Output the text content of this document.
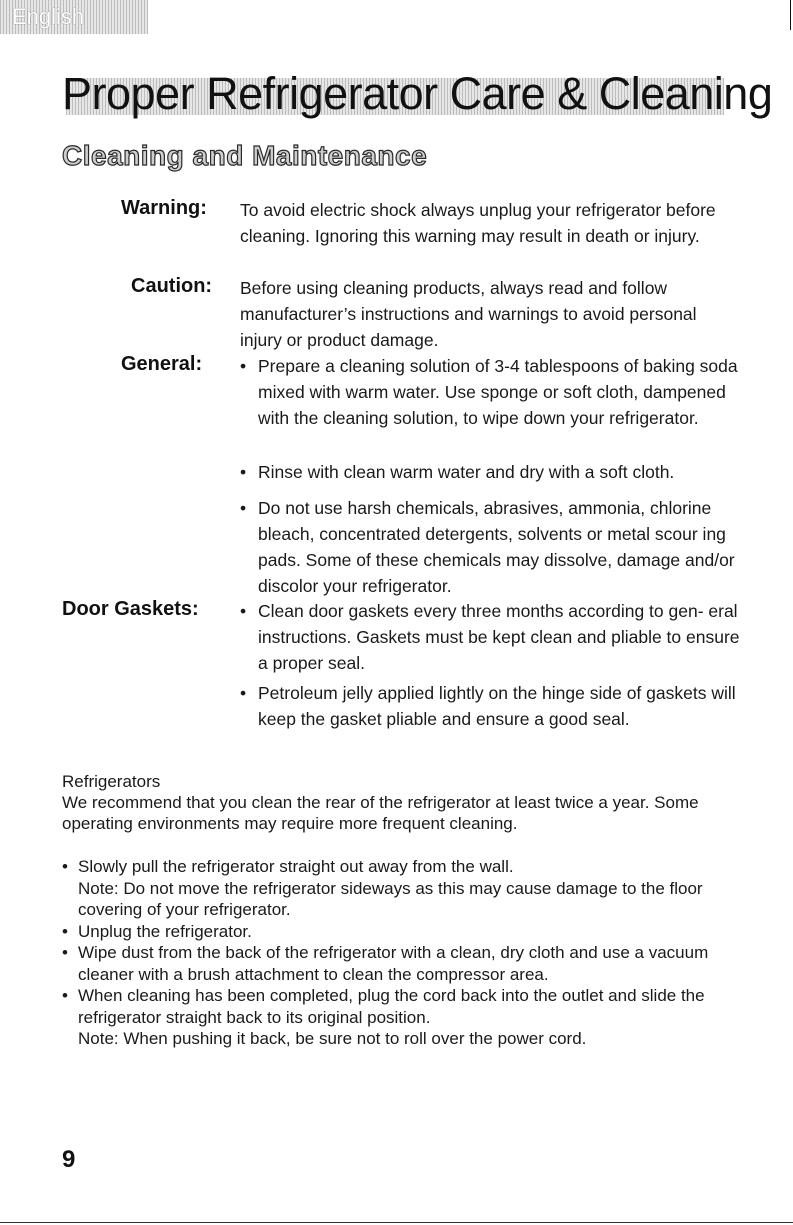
English
Proper Refrigerator Care & Cleaning
Cleaning and Maintenance
Warning: To avoid electric shock always unplug your refrigerator before cleaning. Ignoring this warning may result in death or injury.

Caution: Before using cleaning products, always read and follow manufacturer’s instructions and warnings to avoid personal injury or product damage.

General: • Prepare a cleaning solution of 3-4 tablespoons of baking soda mixed with warm water. Use sponge or soft cloth, dampened with the cleaning solution, to wipe down your refrigerator.

• Rinse with clean warm water and dry with a soft cloth.

• Do not use harsh chemicals, abrasives, ammonia, chlorine bleach, concentrated detergents, solvents or metal scour ing pads. Some of these chemicals may dissolve, damage and/or discolor your refrigerator.

Door Gaskets: • Clean door gaskets every three months according to gen- eral instructions. Gaskets must be kept clean and pliable to ensure a proper seal.

• Petroleum jelly applied lightly on the hinge side of gaskets will keep the gasket pliable and ensure a good seal.

Refrigerators

We recommend that you clean the rear of the refrigerator at least twice a year. Some operating environments may require more frequent cleaning.

• Slowly pull the refrigerator straight out away from the wall.
Note: Do not move the refrigerator sideways as this may cause damage to the floor covering of your refrigerator.
• Unplug the refrigerator.
• Wipe dust from the back of the refrigerator with a clean, dry cloth and use a vacuum cleaner with a brush attachment to clean the compressor area.
• When cleaning has been completed, plug the cord back into the outlet and slide the refrigerator straight back to its original position.
Note: When pushing it back, be sure not to roll over the power cord.
9
